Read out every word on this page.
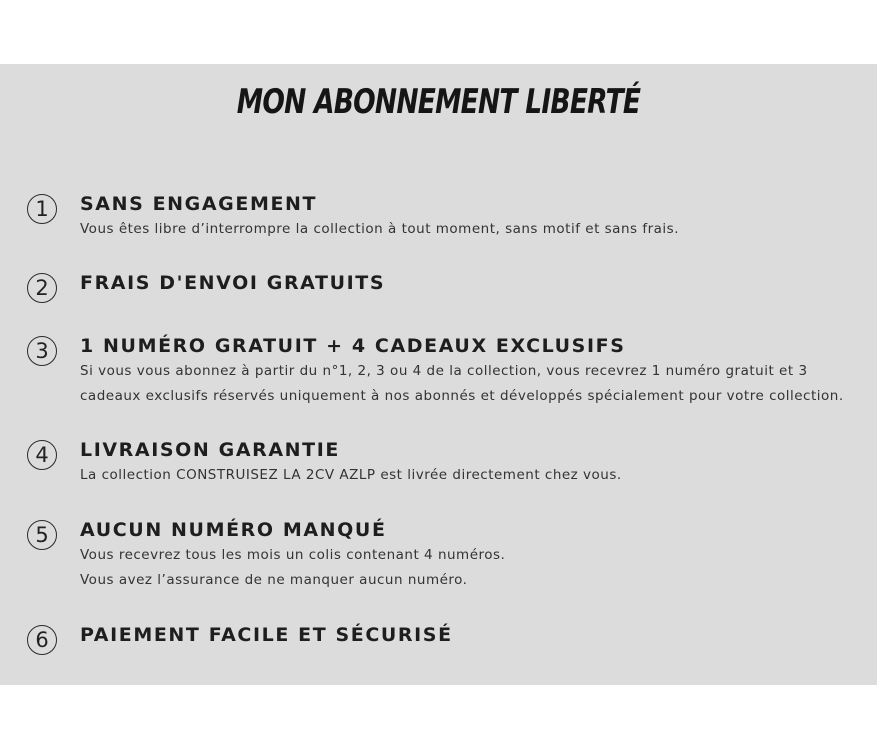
MON ABONNEMENT LIBERTÉ
1	SANS ENGAGEMENT

Vous êtes libre d’interrompre la collection à tout moment, sans motif et sans frais.

2	FRAIS D'ENVOI GRATUITS
3	1 NUMÉRO GRATUIT + 4 CADEAUX EXCLUSIFS

Si vous vous abonnez à partir du n°1, 2, 3 ou 4 de la collection, vous recevrez 1 numéro gratuit et 3
cadeaux exclusifs réservés uniquement à nos abonnés et développés spécialement pour votre collection.

4	LIVRAISON GARANTIE

La collection CONSTRUISEZ LA 2CV AZLP est livrée directement chez vous.

5	AUCUN NUMÉRO MANQUÉ

Vous recevrez tous les mois un colis contenant 4 numéros.
Vous avez l’assurance de ne manquer aucun numéro.

6	PAIEMENT FACILE ET SÉCURISÉ
